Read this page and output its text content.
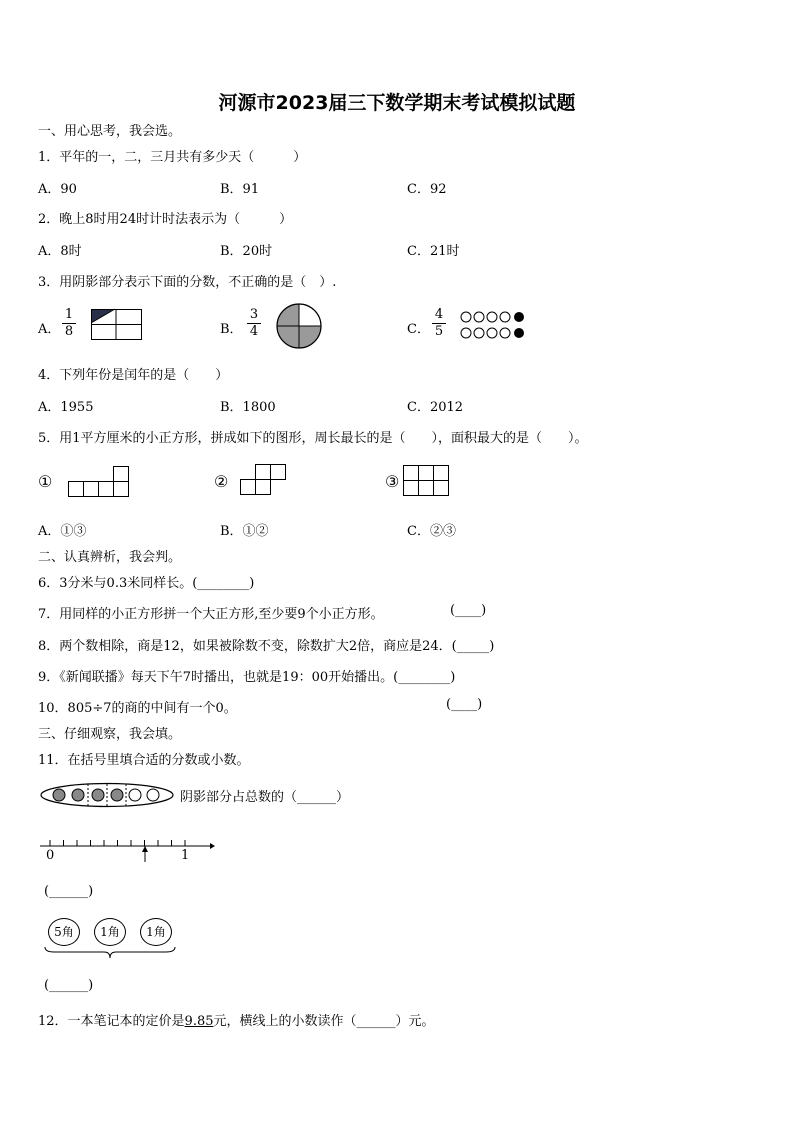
河源市2023届三下数学期末考试模拟试题
一、用心思考，我会选。
1．平年的一，二，三月共有多少天（　　　）
A．90	B．91	C．92
2．晚上8时用24时计时法表示为（　　　）
A．8时	B．20时	C．21时
3．用阴影部分表示下面的分数，不正确的是（　）.
A． $\frac{1}{8}$	B． $\frac{3}{4}$	C． $\frac{4}{5}$
4．下列年份是闰年的是（　　）
A．1955	B．1800	C．2012
5．用1平方厘米的小正方形，拼成如下的图形，周长最长的是（　　），面积最大的是（　　）。
①	②	③
A．①③	B．①②	C．②③
二、认真辨析，我会判。
6．3分米与0.3米同样长。(________)
7．用同样的小正方形拼一个大正方形,至少要9个小正方形。	(____)
8．两个数相除，商是12，如果被除数不变，除数扩大2倍，商应是24．(_____)
9．《新闻联播》每天下午7时播出，也就是19：00开始播出。(________)
10．805÷7的商的中间有一个0。	(____)
三、仔细观察，我会填。
11．在括号里填合适的分数或小数。
阴影部分占总数的（______）
0	1
(______)
5角	1角	1角
(______)
12．一本笔记本的定价是9.85元，横线上的小数读作（______）元。
